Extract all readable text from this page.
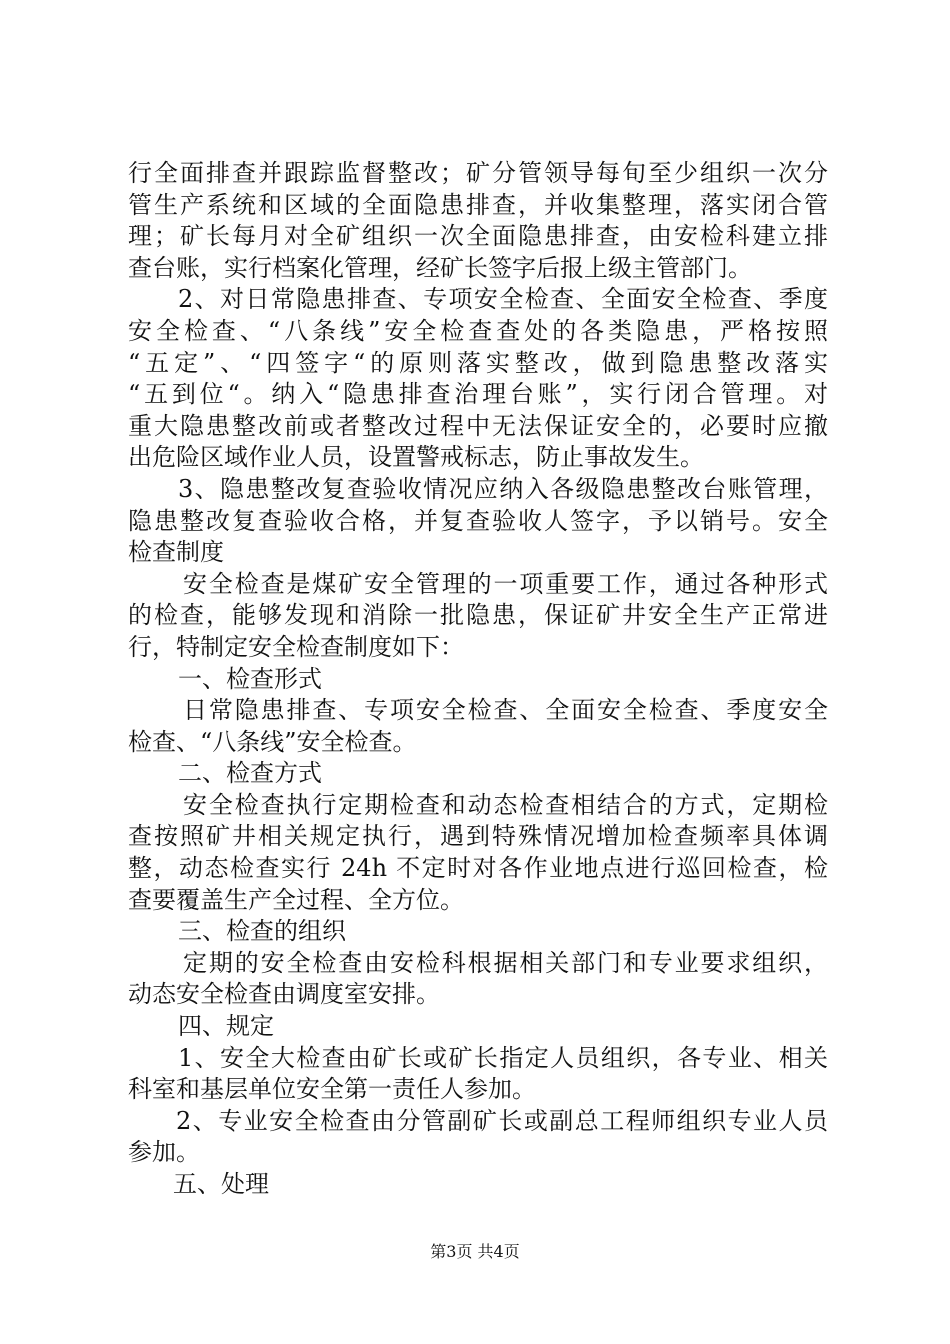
行全面排查并跟踪监督整改；矿分管领导每旬至少组织一次分
管生产系统和区域的全面隐患排查，并收集整理，落实闭合管
理；矿长每月对全矿组织一次全面隐患排查，由安检科建立排
查台账，实行档案化管理，经矿长签字后报上级主管部门。
2、对日常隐患排查、专项安全检查、全面安全检查、季度
安全检查、“八条线”安全检查查处的各类隐患，严格按照
“五定”、“四签字“的原则落实整改，做到隐患整改落实
“五到位“。纳入“隐患排查治理台账”，实行闭合管理。对
重大隐患整改前或者整改过程中无法保证安全的，必要时应撤
出危险区域作业人员，设置警戒标志，防止事故发生。
3、隐患整改复查验收情况应纳入各级隐患整改台账管理，
隐患整改复查验收合格，并复查验收人签字，予以销号。安全
检查制度
安全检查是煤矿安全管理的一项重要工作，通过各种形式
的检查，能够发现和消除一批隐患，保证矿井安全生产正常进
行，特制定安全检查制度如下：
一、检查形式
日常隐患排查、专项安全检查、全面安全检查、季度安全
检查、“八条线”安全检查。
二、检查方式
安全检查执行定期检查和动态检查相结合的方式，定期检
查按照矿井相关规定执行，遇到特殊情况增加检查频率具体调
整，动态检查实行 24h 不定时对各作业地点进行巡回检查，检
查要覆盖生产全过程、全方位。
三、检查的组织
定期的安全检查由安检科根据相关部门和专业要求组织，
动态安全检查由调度室安排。
四、规定
1、安全大检查由矿长或矿长指定人员组织，各专业、相关
科室和基层单位安全第一责任人参加。
2、专业安全检查由分管副矿长或副总工程师组织专业人员
参加。
五、处理
第3页 共4页
